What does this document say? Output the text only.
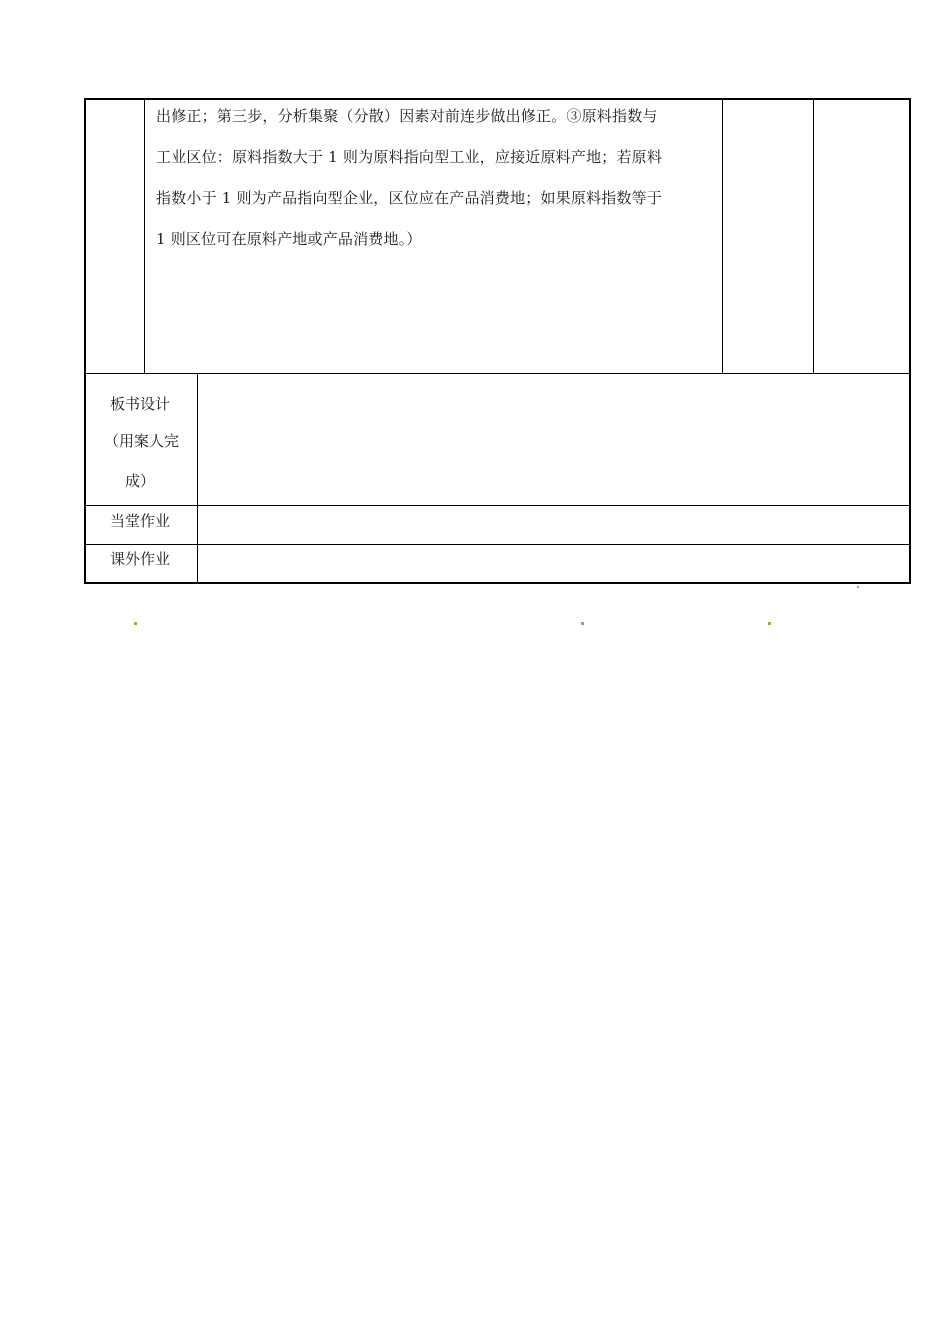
出修正；第三步，分析集聚（分散）因素对前连步做出修正。③原料指数与
工业区位：原料指数大于 1 则为原料指向型工业，应接近原料产地；若原料
指数小于 1 则为产品指向型企业，区位应在产品消费地；如果原料指数等于
1 则区位可在原料产地或产品消费地。）
板书设计
（用案人完
成）
当堂作业
课外作业
